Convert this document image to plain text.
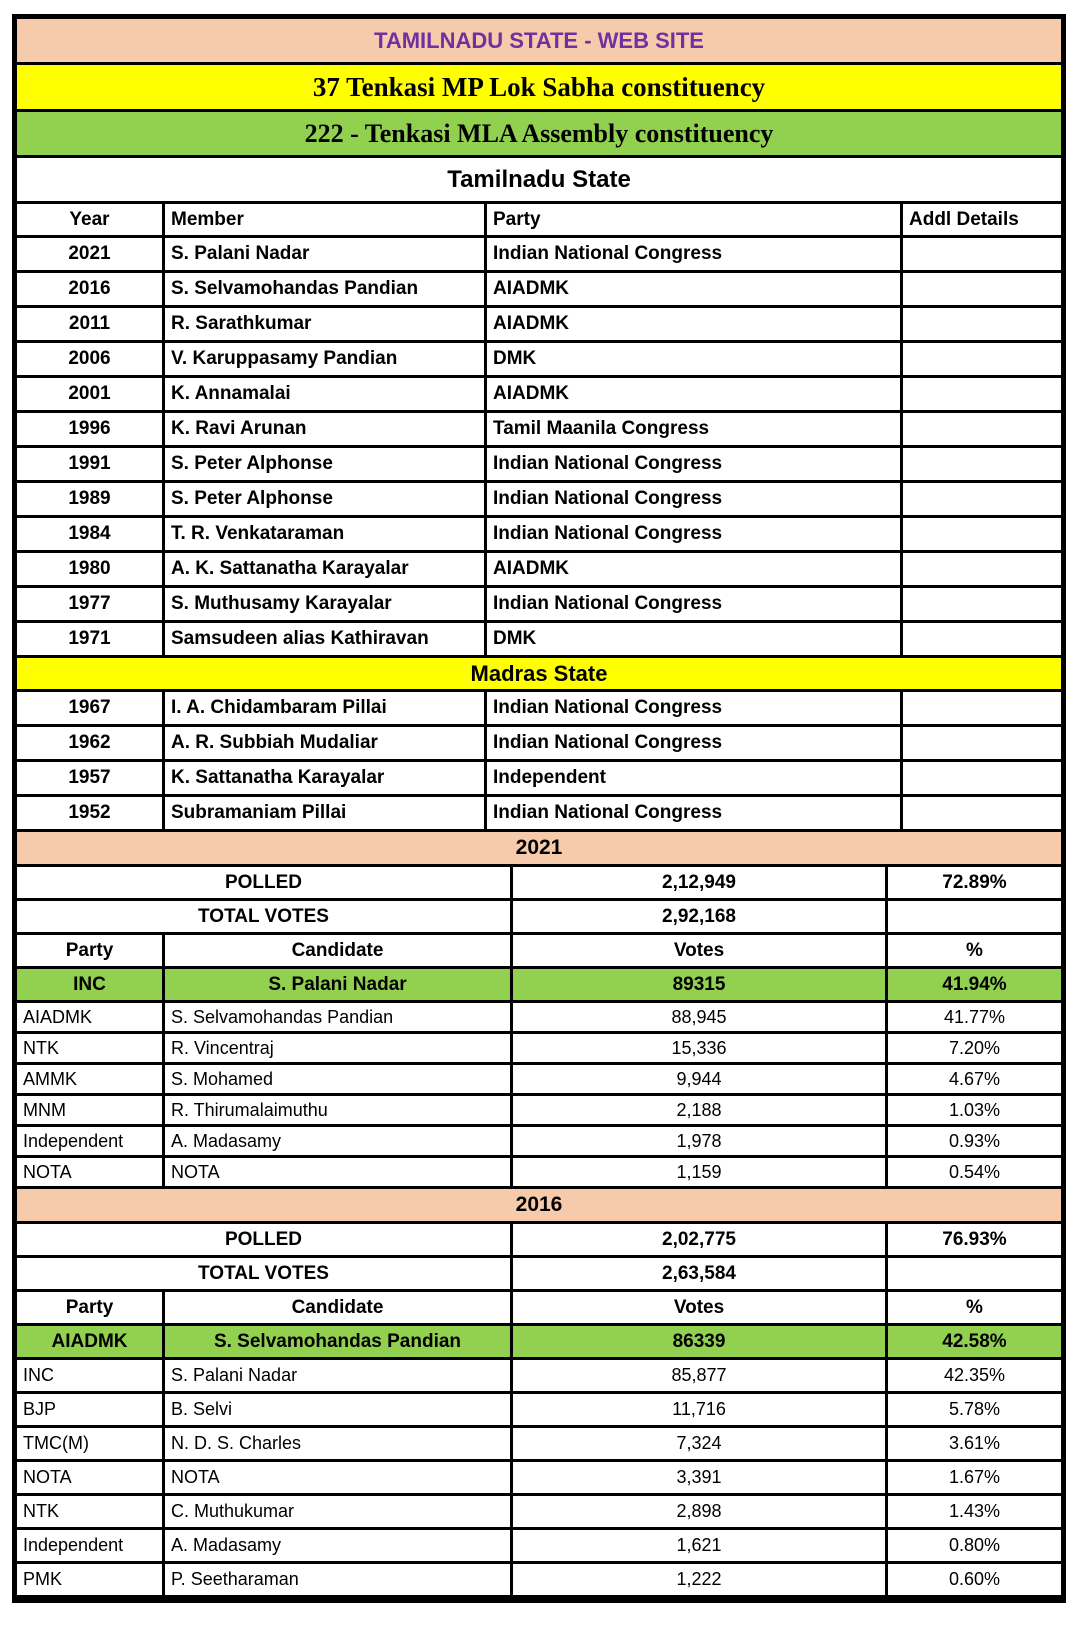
TAMILNADU STATE - WEB SITE
37 Tenkasi MP Lok Sabha constituency
222 - Tenkasi MLA Assembly constituency
Tamilnadu State
Year	Member	Party	Addl Details
2021	S. Palani Nadar	Indian National Congress
2016	S. Selvamohandas Pandian	AIADMK
2011	R. Sarathkumar	AIADMK
2006	V. Karuppasamy Pandian	DMK
2001	K. Annamalai	AIADMK
1996	K. Ravi Arunan	Tamil Maanila Congress
1991	S. Peter Alphonse	Indian National Congress
1989	S. Peter Alphonse	Indian National Congress
1984	T. R. Venkataraman	Indian National Congress
1980	A. K. Sattanatha Karayalar	AIADMK
1977	S. Muthusamy Karayalar	Indian National Congress
1971	Samsudeen alias Kathiravan	DMK
Madras State
1967	I. A. Chidambaram Pillai	Indian National Congress
1962	A. R. Subbiah Mudaliar	Indian National Congress
1957	K. Sattanatha Karayalar	Independent
1952	Subramaniam Pillai	Indian National Congress
2021
POLLED	2,12,949	72.89%
TOTAL VOTES	2,92,168
Party	Candidate	Votes	%
INC	S. Palani Nadar	89315	41.94%
AIADMK	S. Selvamohandas Pandian	88,945	41.77%
NTK	R. Vincentraj	15,336	7.20%
AMMK	S. Mohamed	9,944	4.67%
MNM	R. Thirumalaimuthu	2,188	1.03%
Independent	A. Madasamy	1,978	0.93%
NOTA	NOTA	1,159	0.54%
2016
POLLED	2,02,775	76.93%
TOTAL VOTES	2,63,584
Party	Candidate	Votes	%
AIADMK	S. Selvamohandas Pandian	86339	42.58%
INC	S. Palani Nadar	85,877	42.35%
BJP	B. Selvi	11,716	5.78%
TMC(M)	N. D. S. Charles	7,324	3.61%
NOTA	NOTA	3,391	1.67%
NTK	C. Muthukumar	2,898	1.43%
Independent	A. Madasamy	1,621	0.80%
PMK	P. Seetharaman	1,222	0.60%
